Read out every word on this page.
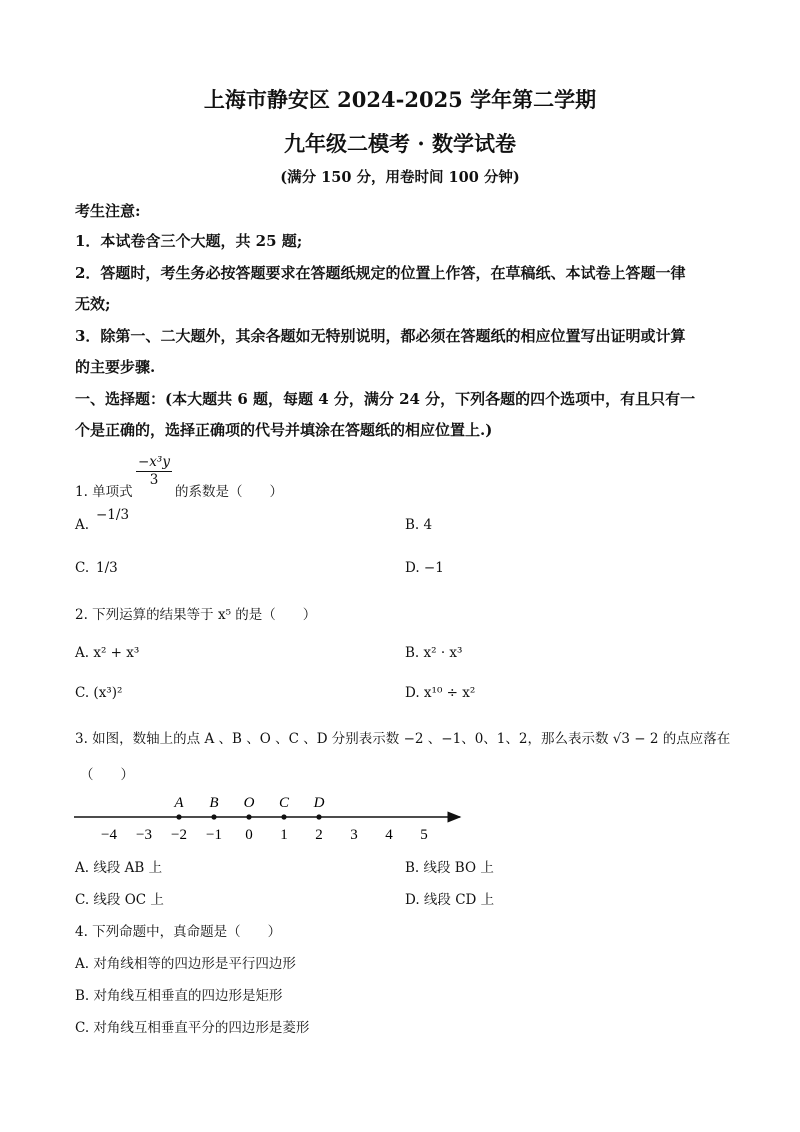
上海市静安区 2024-2025 学年第二学期
九年级二模考 · 数学试卷
(满分 150 分，用卷时间 100 分钟)
考生注意:
1．本试卷含三个大题，共 25 题;
2．答题时，考生务必按答题要求在答题纸规定的位置上作答，在草稿纸、本试卷上答题一律
无效;
3．除第一、二大题外，其余各题如无特别说明，都必须在答题纸的相应位置写出证明或计算
的主要步骤.
一、选择题：(本大题共 6 题，每题 4 分，满分 24 分，下列各题的四个选项中，有且只有一
个是正确的，选择正确项的代号并填涂在答题纸的相应位置上.)
1. 单项式
$\frac{\text{−x³y}}{3}$
的系数是（　　）
A.
−1/3
B. 4
C. 1/3	D. −1
2. 下列运算的结果等于 x⁵ 的是（　　）
A. x² + x³	B. x² · x³
C. (x³)²	D. x¹⁰ ÷ x²
3. 如图，数轴上的点 A 、B 、O 、C 、D 分别表示数 −2 、−1、0、1、2，那么表示数 √3 − 2 的点应落在
（　　）
−4 −3 −2 −1 0 1 2 3 4 5
A B O C D
A. 线段 AB 上	B. 线段 BO 上
C. 线段 OC 上	D. 线段 CD 上
4. 下列命题中，真命题是（　　）
A. 对角线相等的四边形是平行四边形
B. 对角线互相垂直的四边形是矩形
C. 对角线互相垂直平分的四边形是菱形
